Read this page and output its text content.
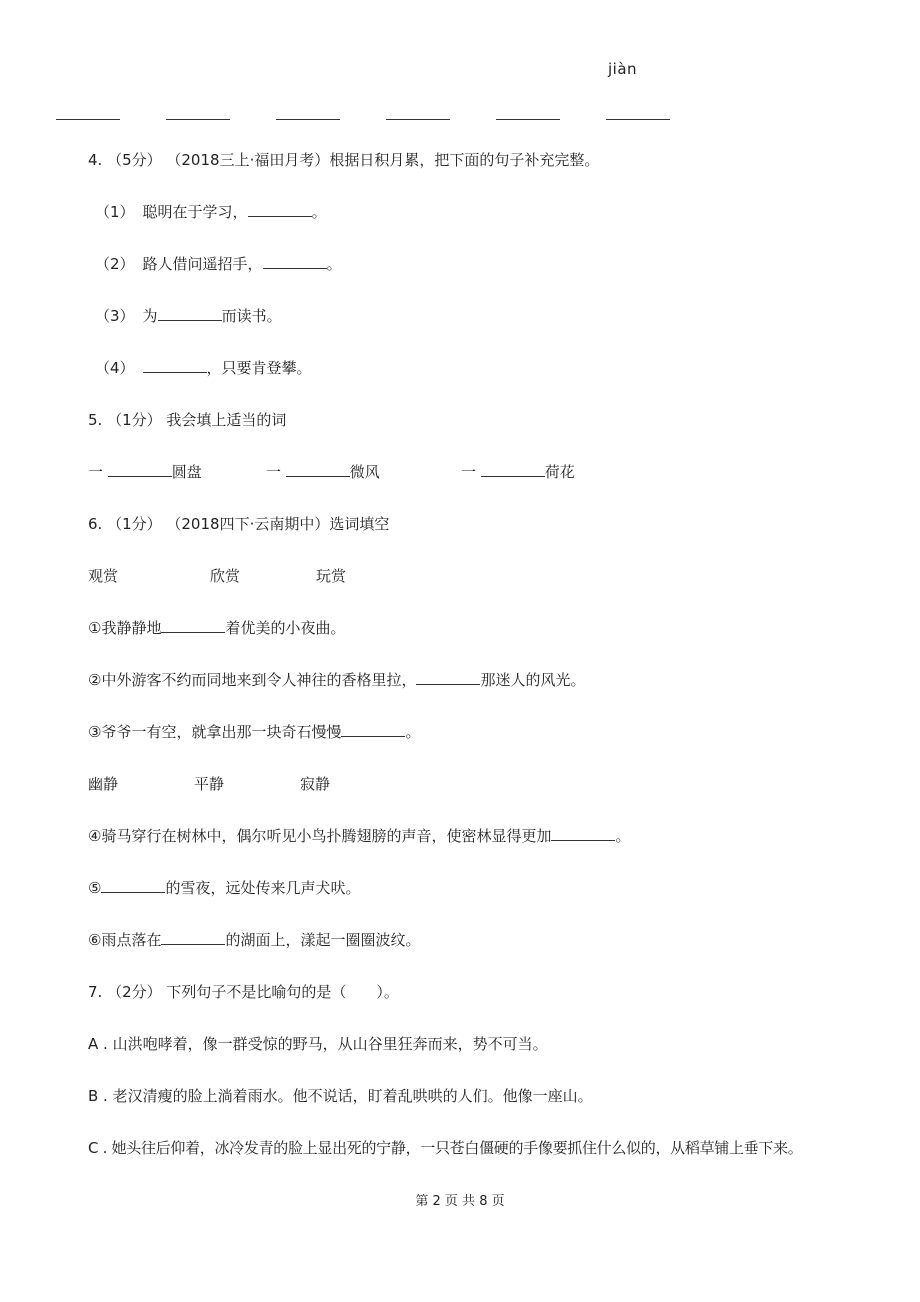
jiàn
4. （5分） （2018三上·福田月考）根据日积月累，把下面的句子补充完整。
（1） 聪明在于学习，	。
（2） 路人借问遥招手，	。
（3） 为	而读书。
（4）	，只要肯登攀。
5. （1分） 我会填上适当的词
一	圆盘	一	微风	一	荷花
6. （1分） （2018四下·云南期中）选词填空
观赏	欣赏	玩赏
①我静静地	着优美的小夜曲。
②中外游客不约而同地来到令人神往的香格里拉，	那迷人的风光。
③爷爷一有空，就拿出那一块奇石慢慢	。
幽静	平静	寂静
④骑马穿行在树林中，偶尔听见小鸟扑腾翅膀的声音，使密林显得更加	。
⑤	的雪夜，远处传来几声犬吠。
⑥雨点落在	的湖面上，漾起一圈圈波纹。
7. （2分） 下列句子不是比喻句的是（　　）。
A . 山洪咆哮着，像一群受惊的野马，从山谷里狂奔而来，势不可当。
B . 老汉清瘦的脸上淌着雨水。他不说话，盯着乱哄哄的人们。他像一座山。
C . 她头往后仰着，冰冷发青的脸上显出死的宁静，一只苍白僵硬的手像要抓住什么似的，从稻草铺上垂下来。
第 2 页 共 8 页
